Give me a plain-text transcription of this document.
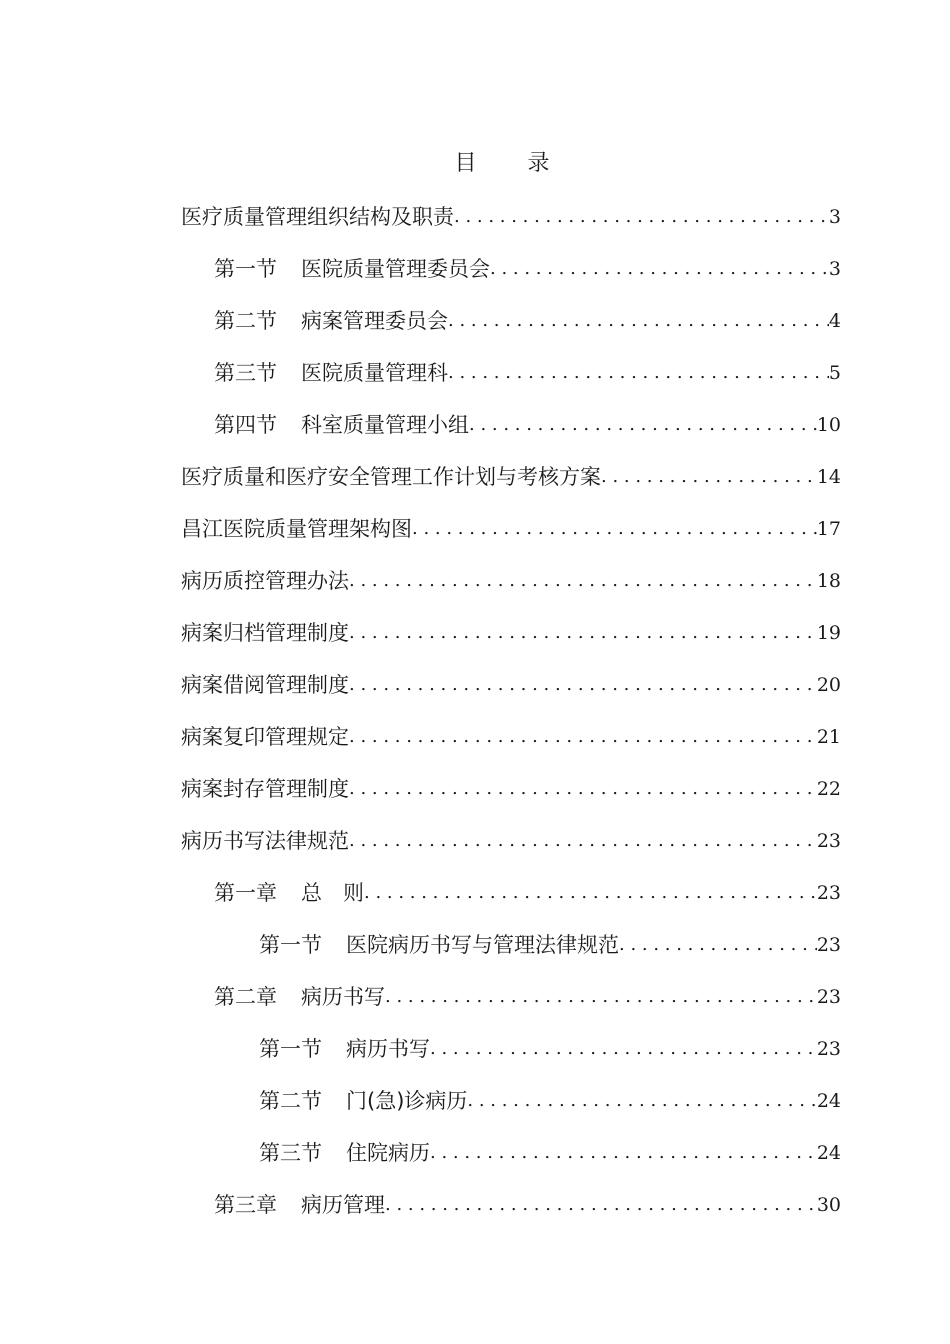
目 录
医疗质量管理组织结构及职责 . . .	3
第一节 医院质量管理委员会 . . .	3
第二节 病案管理委员会 . . .	4
第三节 医院质量管理科 . . .	5
第四节 科室质量管理小组 . . .	10
医疗质量和医疗安全管理工作计划与考核方案 . . .	14
昌江医院质量管理架构图 . . .	17
病历质控管理办法 . . .	18
病案归档管理制度 . . .	19
病案借阅管理制度 . . .	20
病案复印管理规定 . . .	21
病案封存管理制度 . . .	22
病历书写法律规范 . . .	23
第一章 总　则 . . .	23
第一节 医院病历书写与管理法律规范 . . .	23
第二章 病历书写 . . .	23
第一节 病历书写 . . .	23
第二节 门(急)诊病历 . . .	24
第三节 住院病历 . . .	24
第三章 病历管理 . . .	30
